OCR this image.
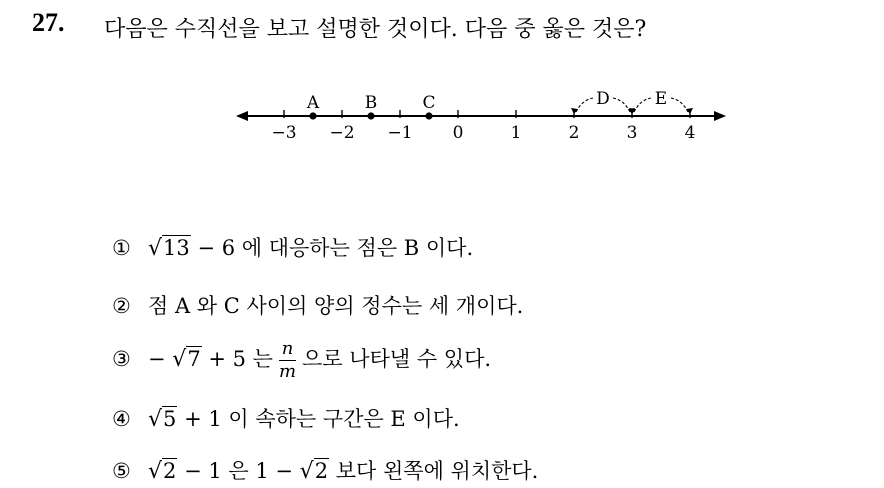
27. 다음은 수직선을 보고 설명한 것이다. 다음 중 옳은 것은?
−3 −2 −1 0	1	2	3	4
A	B	C	D	E
① √13 − 6 에 대응하는 점은 B 이다.
② 점 A 와 C 사이의 양의 정수는 세 개이다.
③ − √7 + 5 는 $\frac{n}{m}$ 으로 나타낼 수 있다.
④ √5 + 1 이 속하는 구간은 E 이다.
⑤ √2 − 1 은 1 − √2 보다 왼쪽에 위치한다.
